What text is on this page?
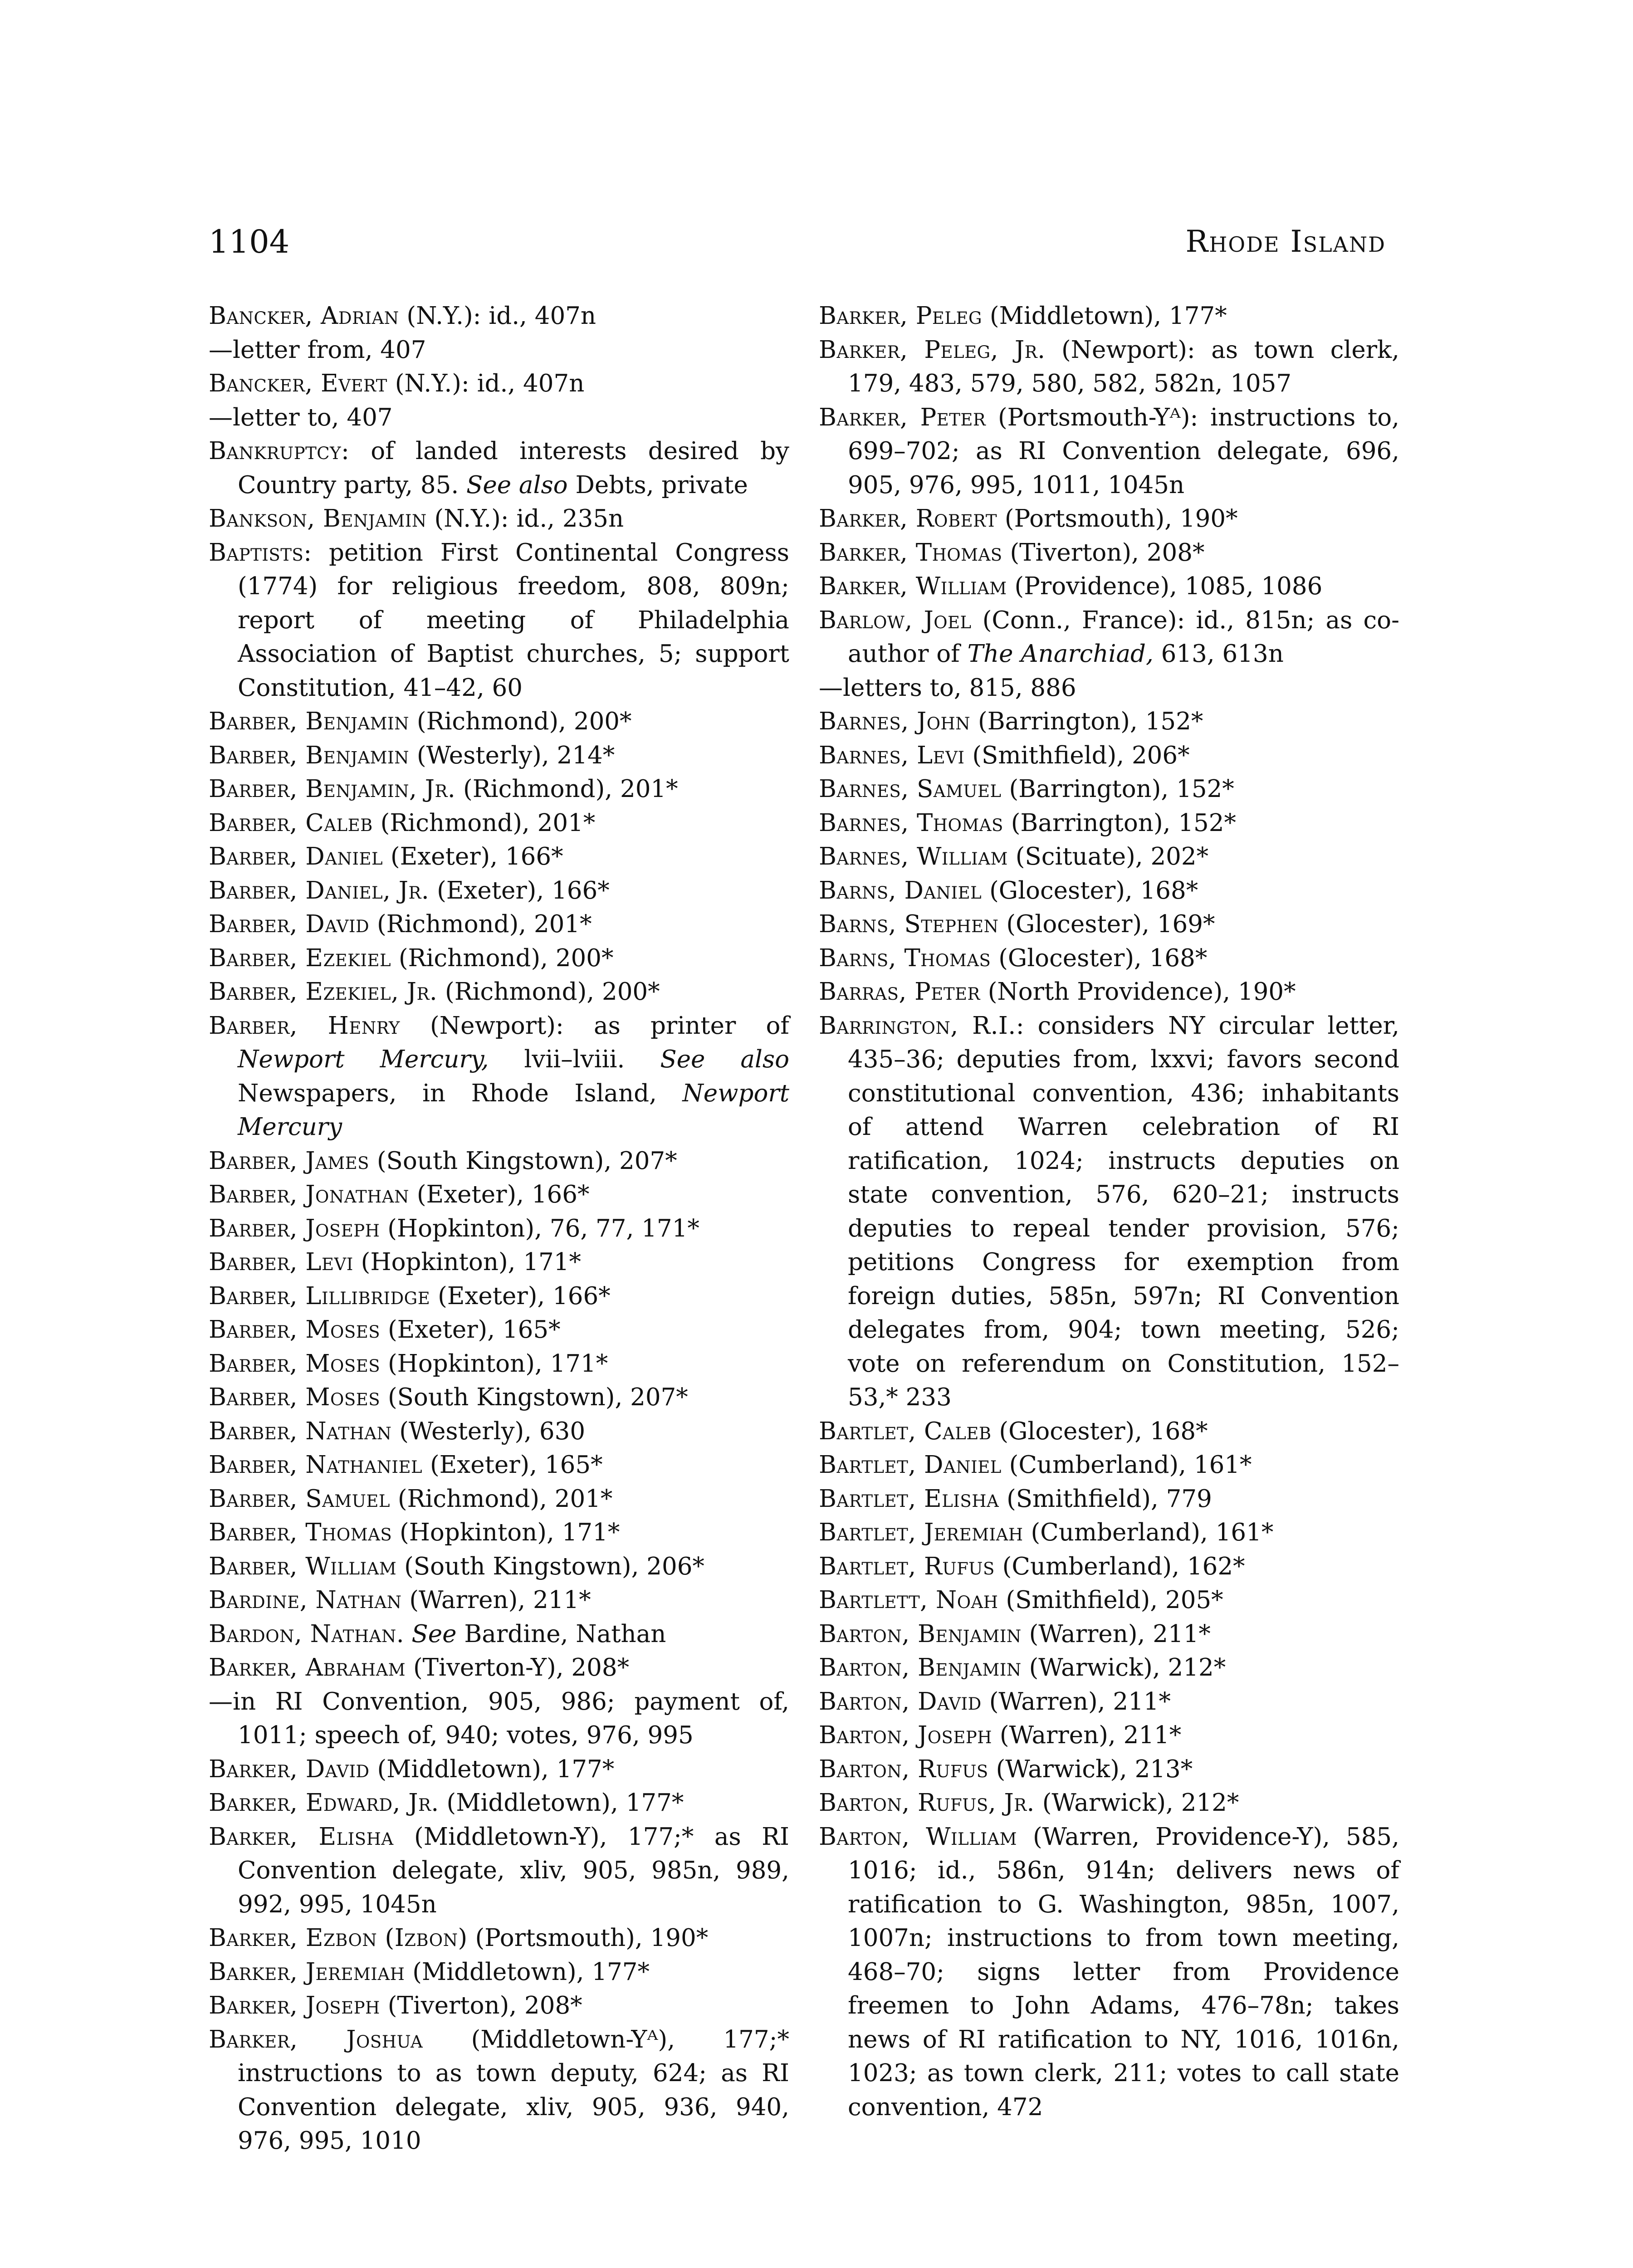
1104	Rhode Island

Bancker, Adrian (N.Y.): id., 407n

—letter from, 407

Bancker, Evert (N.Y.): id., 407n

—letter to, 407

Bankruptcy: of landed interests desired by Country party, 85. See also Debts, private

Bankson, Benjamin (N.Y.): id., 235n

Baptists: petition First Continental Congress (1774) for religious freedom, 808, 809n; report of meeting of Philadelphia Association of Baptist churches, 5; support Constitution, 41–42, 60

Barber, Benjamin (Richmond), 200*

Barber, Benjamin (Westerly), 214*

Barber, Benjamin, Jr. (Richmond), 201*

Barber, Caleb (Richmond), 201*

Barber, Daniel (Exeter), 166*

Barber, Daniel, Jr. (Exeter), 166*

Barber, David (Richmond), 201*

Barber, Ezekiel (Richmond), 200*

Barber, Ezekiel, Jr. (Richmond), 200*

Barber, Henry (Newport): as printer of Newport Mercury, lvii–lviii. See also Newspapers, in Rhode Island, Newport Mercury

Barber, James (South Kingstown), 207*

Barber, Jonathan (Exeter), 166*

Barber, Joseph (Hopkinton), 76, 77, 171*

Barber, Levi (Hopkinton), 171*

Barber, Lillibridge (Exeter), 166*

Barber, Moses (Exeter), 165*

Barber, Moses (Hopkinton), 171*

Barber, Moses (South Kingstown), 207*

Barber, Nathan (Westerly), 630

Barber, Nathaniel (Exeter), 165*

Barber, Samuel (Richmond), 201*

Barber, Thomas (Hopkinton), 171*

Barber, William (South Kingstown), 206*

Bardine, Nathan (Warren), 211*

Bardon, Nathan. See Bardine, Nathan

Barker, Abraham (Tiverton-Y), 208*

—in RI Convention, 905, 986; payment of, 1011; speech of, 940; votes, 976, 995

Barker, David (Middletown), 177*

Barker, Edward, Jr. (Middletown), 177*

Barker, Elisha (Middletown-Y), 177;* as RI Convention delegate, xliv, 905, 985n, 989, 992, 995, 1045n

Barker, Ezbon (Izbon) (Portsmouth), 190*

Barker, Jeremiah (Middletown), 177*

Barker, Joseph (Tiverton), 208*

Barker, Joshua (Middletown-Yᴬ), 177;* instructions to as town deputy, 624; as RI Convention delegate, xliv, 905, 936, 940, 976, 995, 1010

Barker, Peleg (Middletown), 177*

Barker, Peleg, Jr. (Newport): as town clerk, 179, 483, 579, 580, 582, 582n, 1057

Barker, Peter (Portsmouth-Yᴬ): instructions to, 699–702; as RI Convention delegate, 696, 905, 976, 995, 1011, 1045n

Barker, Robert (Portsmouth), 190*

Barker, Thomas (Tiverton), 208*

Barker, William (Providence), 1085, 1086

Barlow, Joel (Conn., France): id., 815n; as co-author of The Anarchiad, 613, 613n

—letters to, 815, 886

Barnes, John (Barrington), 152*

Barnes, Levi (Smithfield), 206*

Barnes, Samuel (Barrington), 152*

Barnes, Thomas (Barrington), 152*

Barnes, William (Scituate), 202*

Barns, Daniel (Glocester), 168*

Barns, Stephen (Glocester), 169*

Barns, Thomas (Glocester), 168*

Barras, Peter (North Providence), 190*

Barrington, R.I.: considers NY circular letter, 435–36; deputies from, lxxvi; favors second constitutional convention, 436; inhabitants of attend Warren celebration of RI ratification, 1024; instructs deputies on state convention, 576, 620–21; instructs deputies to repeal tender provision, 576; petitions Congress for exemption from foreign duties, 585n, 597n; RI Convention delegates from, 904; town meeting, 526; vote on referendum on Constitution, 152–53,* 233

Bartlet, Caleb (Glocester), 168*

Bartlet, Daniel (Cumberland), 161*

Bartlet, Elisha (Smithfield), 779

Bartlet, Jeremiah (Cumberland), 161*

Bartlet, Rufus (Cumberland), 162*

Bartlett, Noah (Smithfield), 205*

Barton, Benjamin (Warren), 211*

Barton, Benjamin (Warwick), 212*

Barton, David (Warren), 211*

Barton, Joseph (Warren), 211*

Barton, Rufus (Warwick), 213*

Barton, Rufus, Jr. (Warwick), 212*

Barton, William (Warren, Providence-Y), 585, 1016; id., 586n, 914n; delivers news of ratification to G. Washington, 985n, 1007, 1007n; instructions to from town meeting, 468–70; signs letter from Providence freemen to John Adams, 476–78n; takes news of RI ratification to NY, 1016, 1016n, 1023; as town clerk, 211; votes to call state convention, 472
